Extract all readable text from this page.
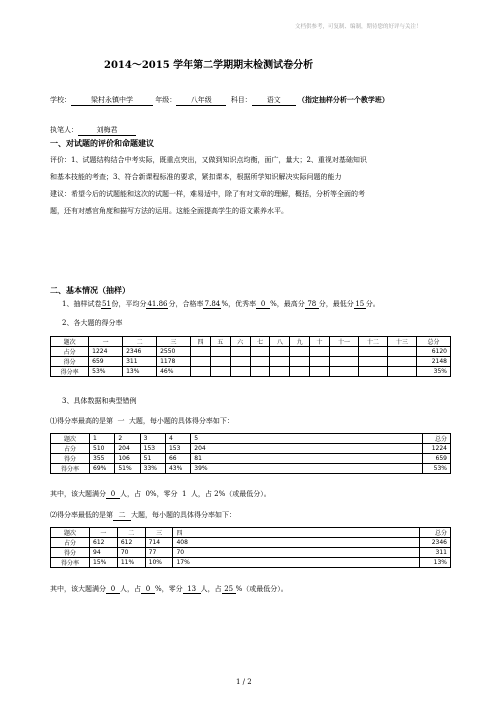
文档供参考，可复制、编制，期待您的好评与关注！
2014～2015 学年第二学期期末检测试卷分析
学校：	梁村永镇中学	年级： 八年级	科目： 语文 （指定抽样分析一个教学班）
执笔人：	刘梅君
一、对试题的评价和命题建议
评价：1、试题结构结合中考实际，既重点突出，又做到知识点均衡，面广，量大；2、重视对基础知识
和基本技能的考查；3、符合新课程标准的要求，紧扣课本，根据所学知识解决实际问题的能力
建议：希望今后的试题能和这次的试题一样，难易适中，除了有对文章的理解，概括，分析等全面的考
题，还有对感官角度和描写方法的运用。这能全面提高学生的语文素养水平。
二、基本情况（抽样）
1、抽样试卷51份，平均分41.86分，合格率7.84%，优秀率 0 %，最高分 78 分，最低分 15 分。
2、各大题的得分率
题次	一	二	三	四	五	六	七	八	九	十	十一	十二	十三	总分
占分	1224	2346	2550											6120
得分	659	311	1178											2148
得分率	53%	13%	46%											35%
3、具体数据和典型错例
⑴得分率最高的是第 一 大题，每小题的具体得分率如下：
题次	1	2	3	4	5	总分
占分	510	204	153	153	204	1224
得分	355	106	51	66	81	659
得分率	69%	51%	33%	43%	39%	53%
其中，该大题满分 0 人，占 0%，零分 1 人，占 2%（或最低分）。
⑵得分率最低的是第 二 大题，每小题的具体得分率如下：
题次	一	二	三	四	总分
占分	612	612	714	408	2346
得分	94	70	77	70	311
得分率	15%	11%	10%	17%	13%
其中，该大题满分 0 人，占 0 %，零分 13 人，占 25 %（或最低分）。
1 / 2
